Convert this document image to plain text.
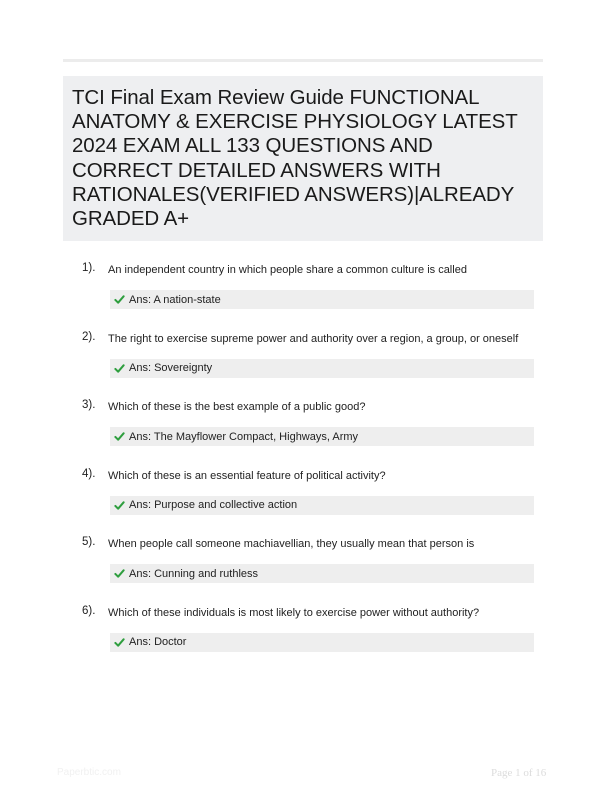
TCI Final Exam Review Guide FUNCTIONAL ANATOMY & EXERCISE PHYSIOLOGY LATEST 2024 EXAM ALL 133 QUESTIONS AND CORRECT DETAILED ANSWERS WITH RATIONALES(VERIFIED ANSWERS)|ALREADY GRADED A+
1). An independent country in which people share a common culture is called
Ans: A nation-state
2). The right to exercise supreme power and authority over a region, a group, or oneself
Ans: Sovereignty
3). Which of these is the best example of a public good?
Ans: The Mayflower Compact, Highways, Army
4). Which of these is an essential feature of political activity?
Ans: Purpose and collective action
5). When people call someone machiavellian, they usually mean that person is
Ans: Cunning and ruthless
6). Which of these individuals is most likely to exercise power without authority?
Ans: Doctor
Paperbtic.com	Page 1 of 16
